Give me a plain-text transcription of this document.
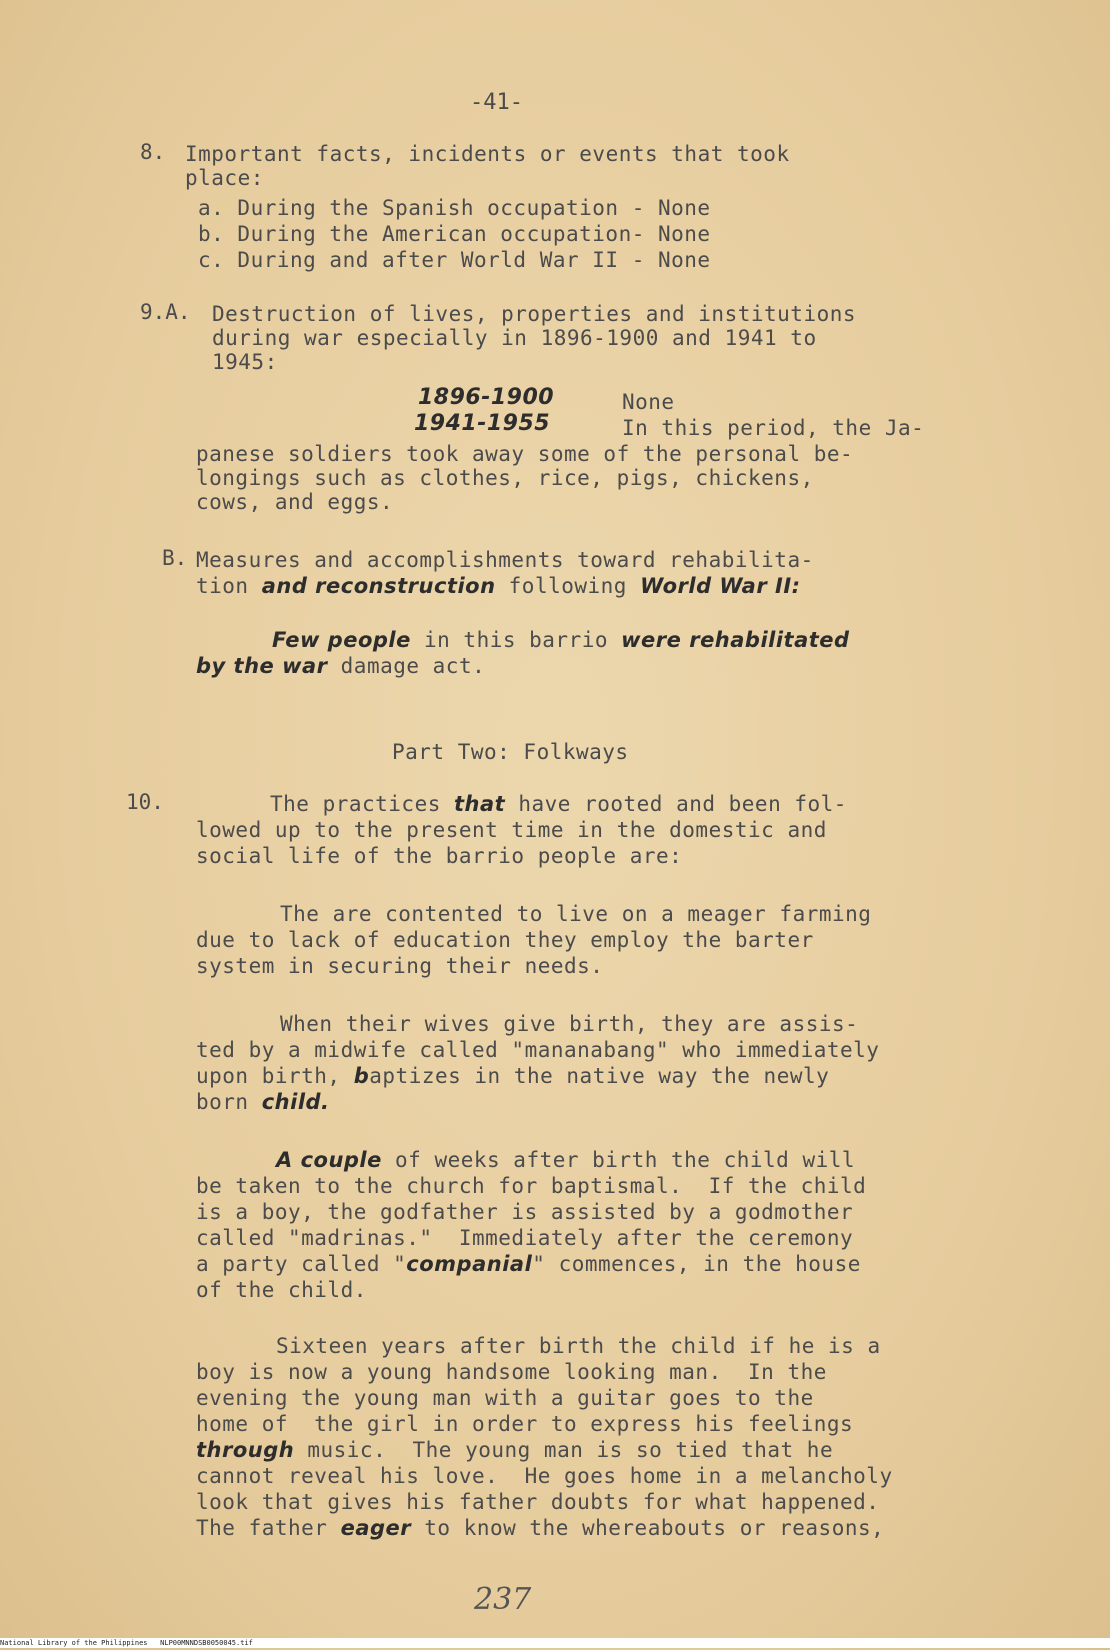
-41-
8. Important facts, incidents or events that took
place:
a. During the Spanish occupation - None
b. During the American occupation- None
c. During and after World War II - None
9.A. Destruction of lives, properties and institutions
during war especially in 1896-1900 and 1941 to
1945:
1896-1900	None
1941-1955	In this period, the Ja-
panese soldiers took away some of the personal be-
longings such as clothes, rice, pigs, chickens,
cows, and eggs.
B. Measures and accomplishments toward rehabilita-
tion and reconstruction following World War II:
Few people in this barrio were rehabilitated
by the war damage act.
Part Two: Folkways
10.	The practices that have rooted and been fol-
lowed up to the present time in the domestic and
social life of the barrio people are:
The are contented to live on a meager farming
due to lack of education they employ the barter
system in securing their needs.
When their wives give birth, they are assis-
ted by a midwife called "mananabang" who immediately
upon birth, baptizes in the native way the newly
born child.
A couple of weeks after birth the child will
be taken to the church for baptismal.  If the child
is a boy, the godfather is assisted by a godmother
called "madrinas."  Immediately after the ceremony
a party called "companial" commences, in the house
of the child.
Sixteen years after birth the child if he is a
boy is now a young handsome looking man.  In the
evening the young man with a guitar goes to the
home of  the girl in order to express his feelings
through music.  The young man is so tied that he
cannot reveal his love.  He goes home in a melancholy
look that gives his father doubts for what happened.
The father eager to know the whereabouts or reasons,
237
National Library of the Philippines   NLP00MNNDSB0050045.tif
